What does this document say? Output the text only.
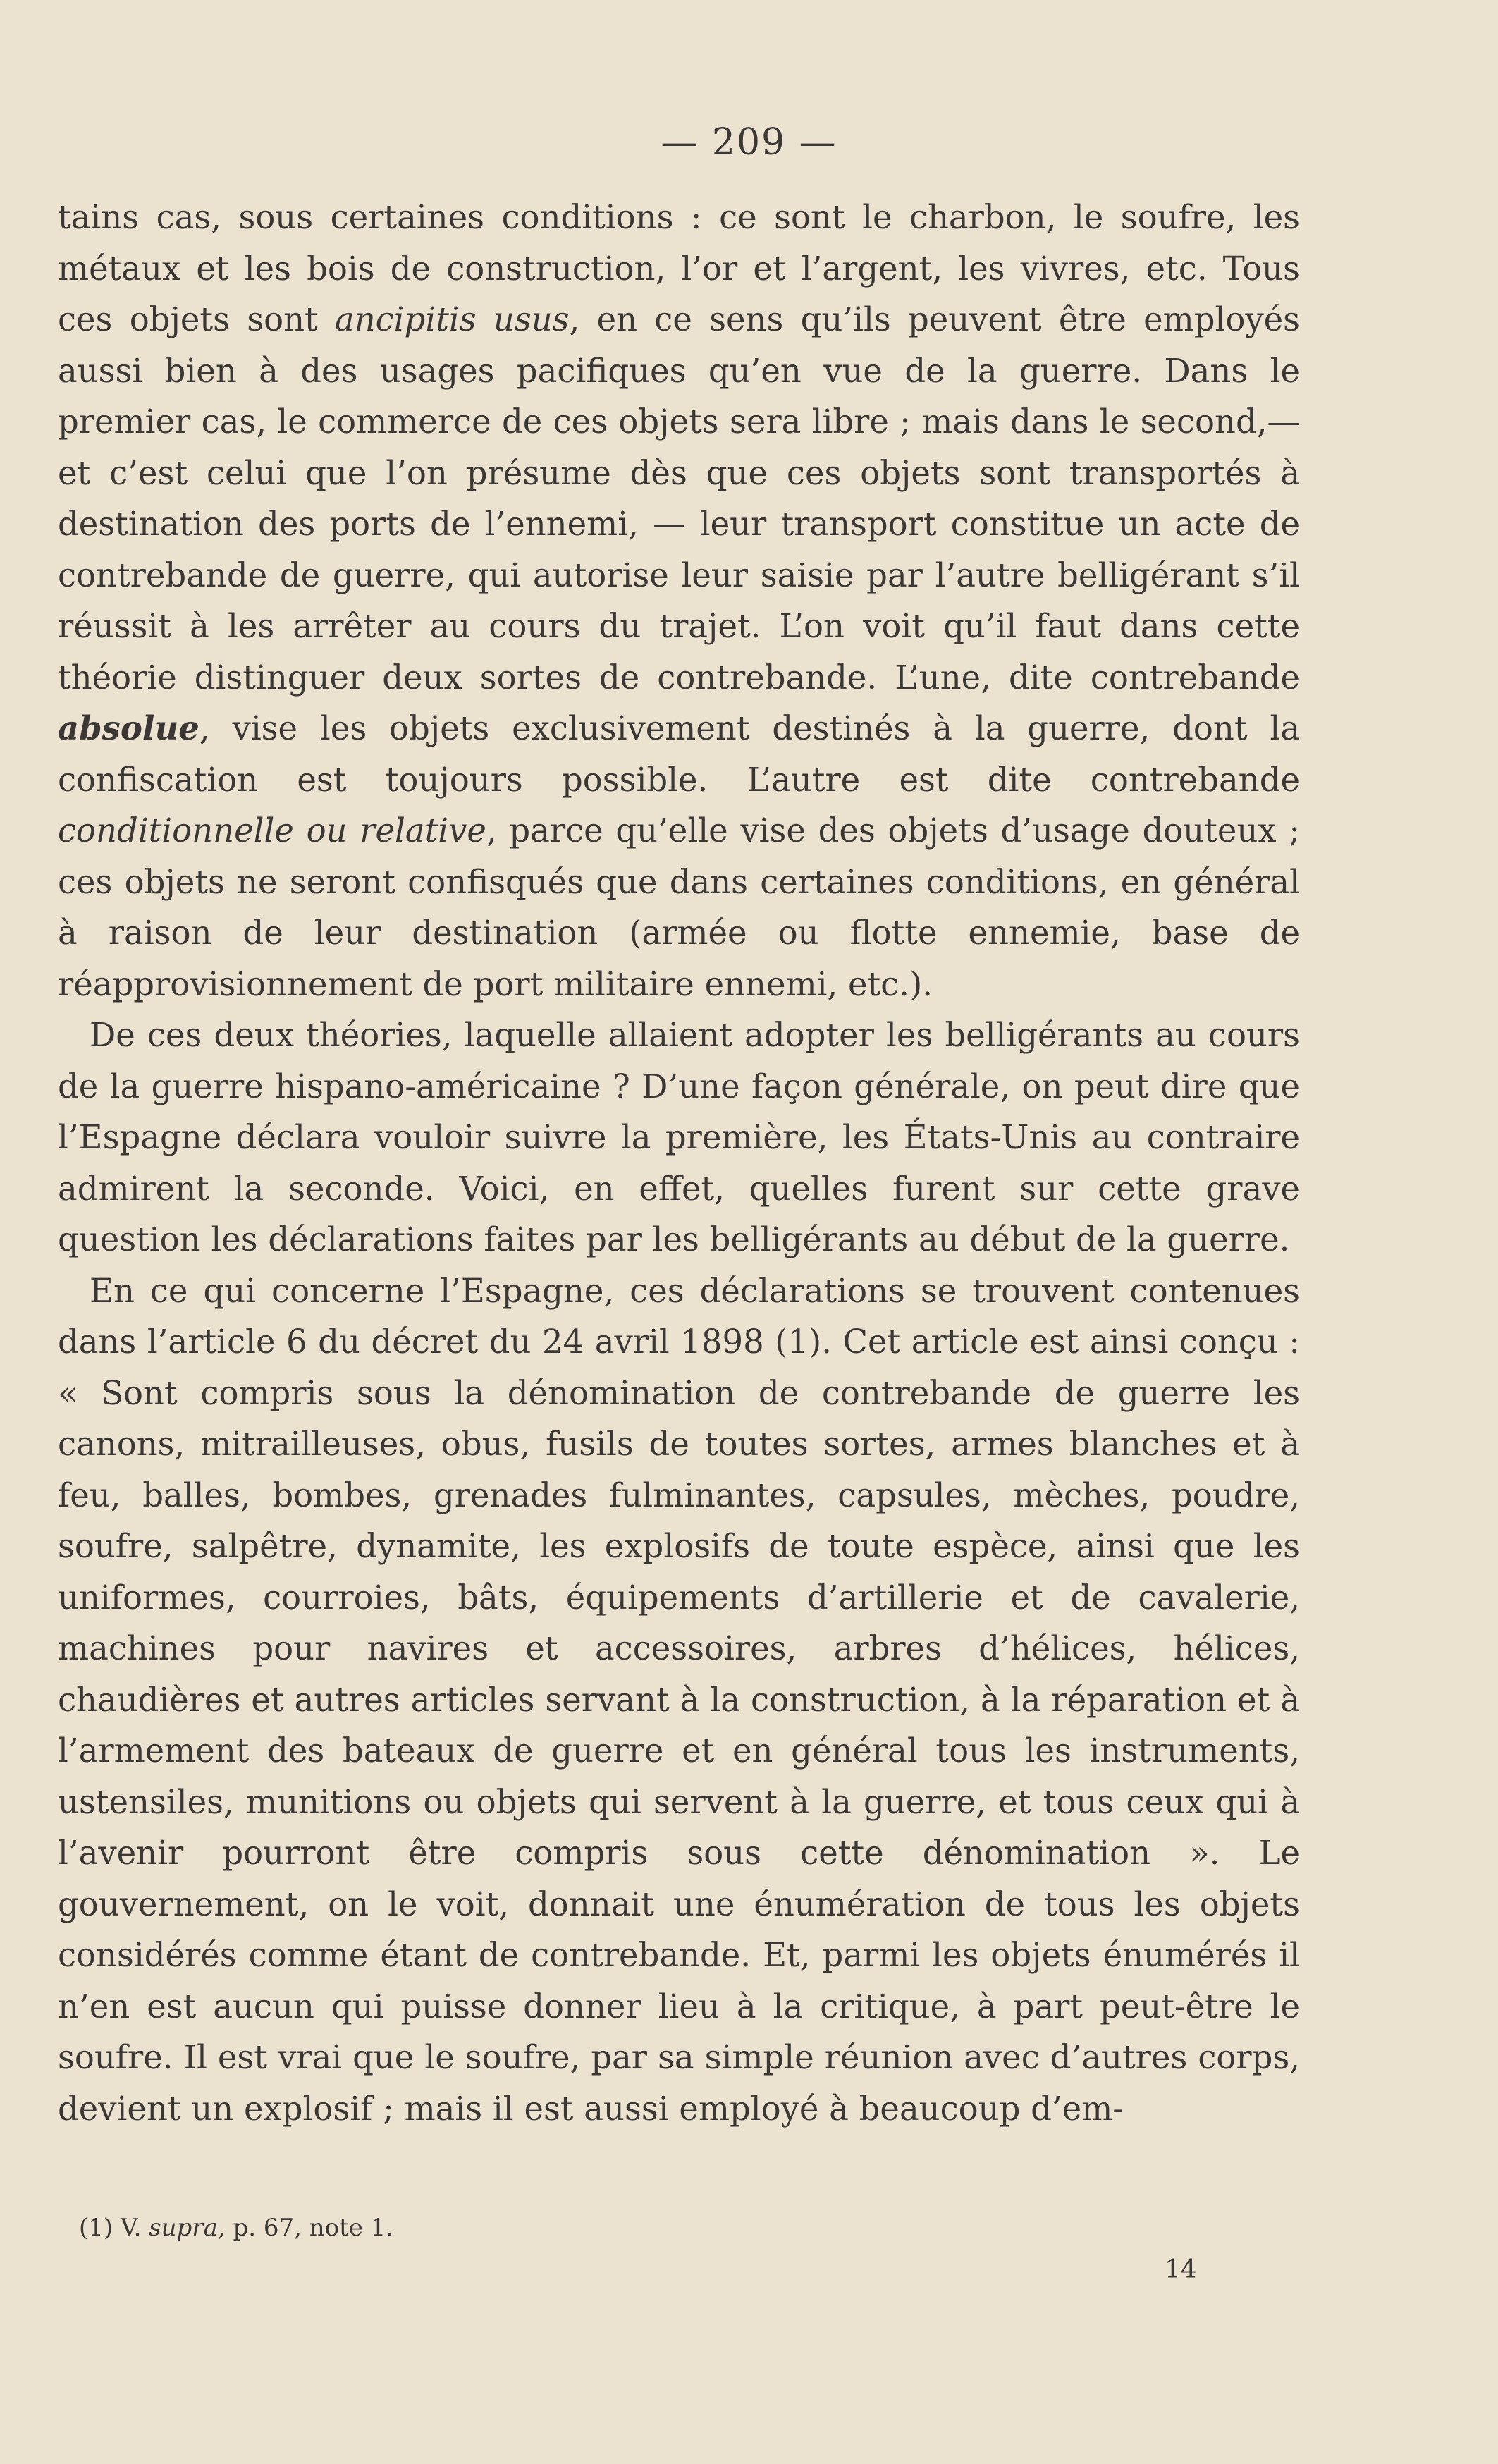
— 209 —

tains cas, sous certaines conditions : ce sont le charbon, le soufre, les métaux et les bois de construction, l’or et l’argent, les vivres, etc. Tous ces objets sont ancipitis usus, en ce sens qu’ils peuvent être employés aussi bien à des usages pacifiques qu’en vue de la guerre. Dans le premier cas, le commerce de ces objets sera libre ; mais dans le second,— et c’est celui que l’on présume dès que ces objets sont transportés à destination des ports de l’ennemi, — leur transport constitue un acte de contrebande de guerre, qui autorise leur saisie par l’autre belligérant s’il réussit à les arrêter au cours du trajet. L’on voit qu’il faut dans cette théorie distinguer deux sortes de contrebande. L’une, dite contrebande absolue, vise les objets exclusivement destinés à la guerre, dont la confiscation est toujours possible. L’autre est dite contrebande conditionnelle ou relative, parce qu’elle vise des objets d’usage douteux ; ces objets ne seront confisqués que dans certaines conditions, en général à raison de leur destination (armée ou flotte ennemie, base de réapprovisionnement de port militaire ennemi, etc.).

De ces deux théories, laquelle allaient adopter les belligérants au cours de la guerre hispano-américaine ? D’une façon générale, on peut dire que l’Espagne déclara vouloir suivre la première, les États-Unis au contraire admirent la seconde. Voici, en effet, quelles furent sur cette grave question les déclarations faites par les belligérants au début de la guerre.

En ce qui concerne l’Espagne, ces déclarations se trouvent contenues dans l’article 6 du décret du 24 avril 1898 (1). Cet article est ainsi conçu : « Sont compris sous la dénomination de contrebande de guerre les canons, mitrailleuses, obus, fusils de toutes sortes, armes blanches et à feu, balles, bombes, grenades fulminantes, capsules, mèches, poudre, soufre, salpêtre, dynamite, les explosifs de toute espèce, ainsi que les uniformes, courroies, bâts, équipements d’artillerie et de cavalerie, machines pour navires et accessoires, arbres d’hélices, hélices, chaudières et autres articles servant à la construction, à la réparation et à l’armement des bateaux de guerre et en général tous les instruments, ustensiles, munitions ou objets qui servent à la guerre, et tous ceux qui à l’avenir pourront être compris sous cette dénomination ». Le gouvernement, on le voit, donnait une énumération de tous les objets considérés comme étant de contrebande. Et, parmi les objets énumérés il n’en est aucun qui puisse donner lieu à la critique, à part peut-être le soufre. Il est vrai que le soufre, par sa simple réunion avec d’autres corps, devient un explosif ; mais il est aussi employé à beaucoup d’em-

(1) V. supra, p. 67, note 1.
14
